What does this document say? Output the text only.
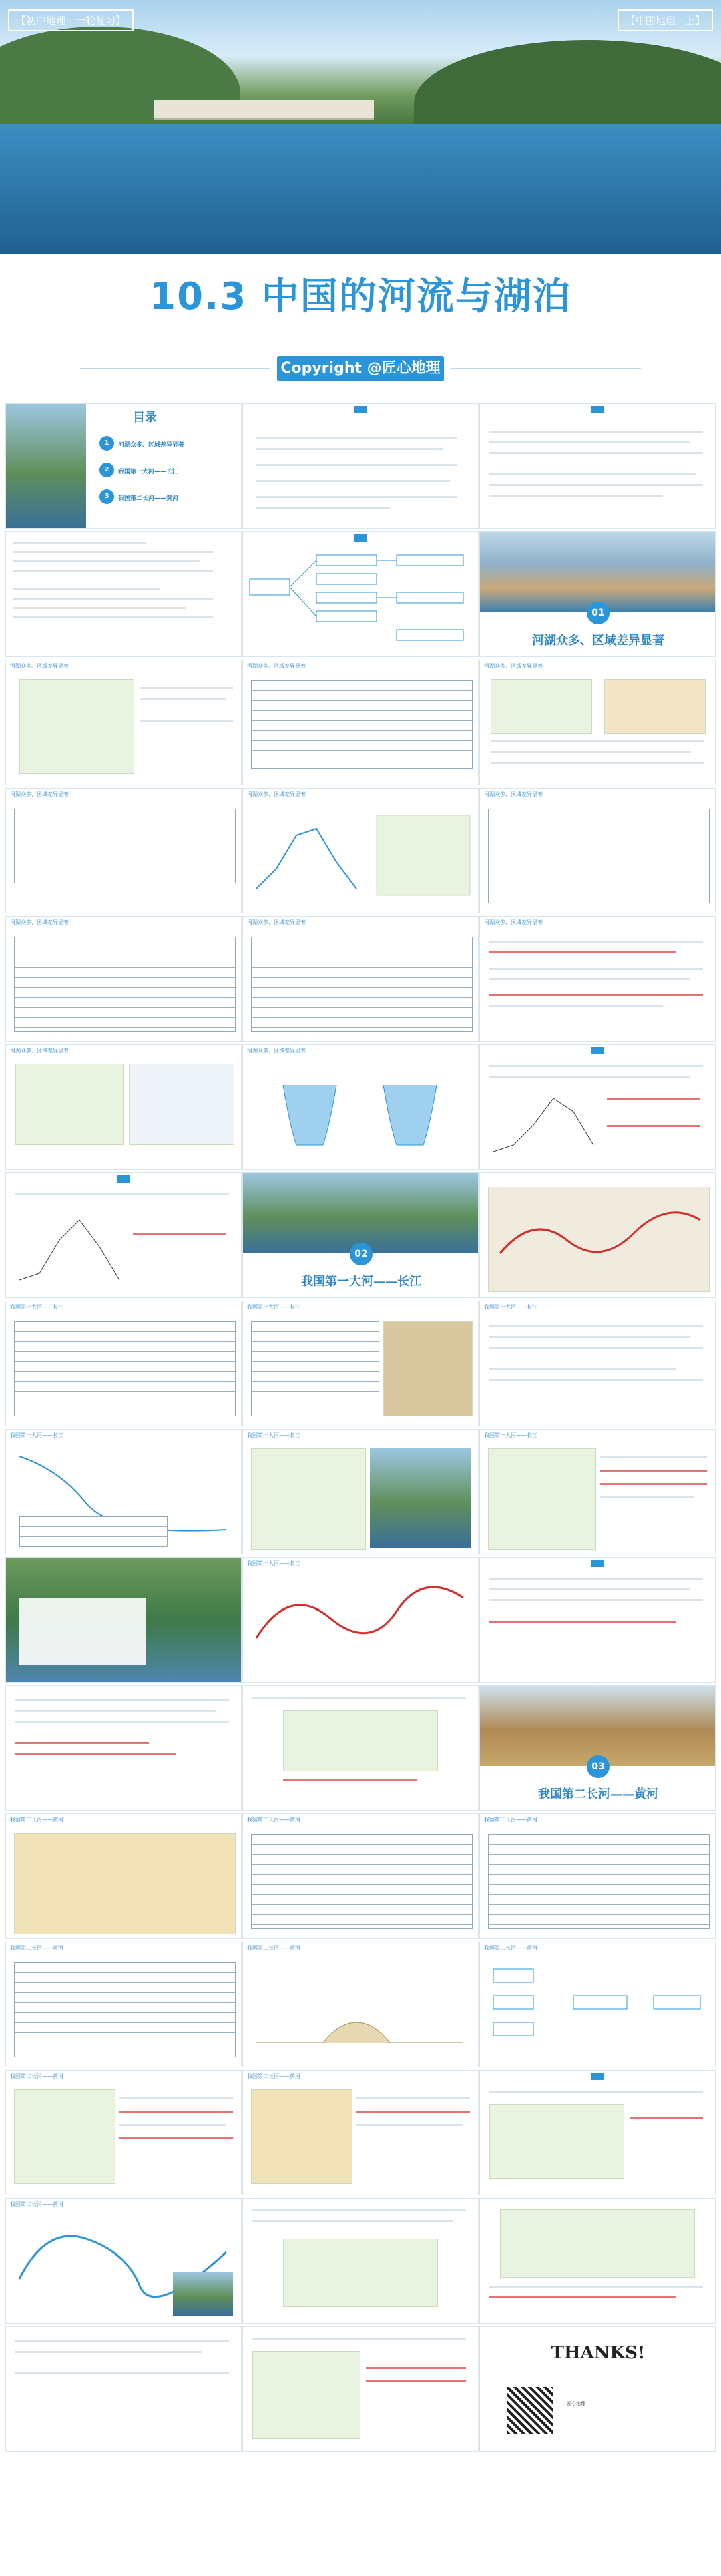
【初中地理 · 一轮复习】	【中国地理 · 上】
10.3 中国的河流与湖泊
Copyright @匠心地理
目录
1	河湖众多、区域差异显著
2	我国第一大河——长江
3	我国第二长河——黄河

01
河湖众多、区域差异显著
河湖众多、区域差异显著	河湖众多、区域差异显著	河湖众多、区域差异显著
河湖众多、区域差异显著	河湖众多、区域差异显著	河湖众多、区域差异显著
河湖众多、区域差异显著	河湖众多、区域差异显著	河湖众多、区域差异显著
河湖众多、区域差异显著	河湖众多、区域差异显著

02
我国第一大河——长江
我国第一大河——长江	我国第一大河——长江	我国第一大河——长江
我国第一大河——长江	我国第一大河——长江	我国第一大河——长江
我国第一大河——长江

03
我国第二长河——黄河
我国第二长河——黄河	我国第二长河——黄河	我国第二长河——黄河
我国第二长河——黄河	我国第二长河——黄河	我国第二长河——黄河
我国第二长河——黄河	我国第二长河——黄河

我国第二长河——黄河
THANKS!
匠心地理
